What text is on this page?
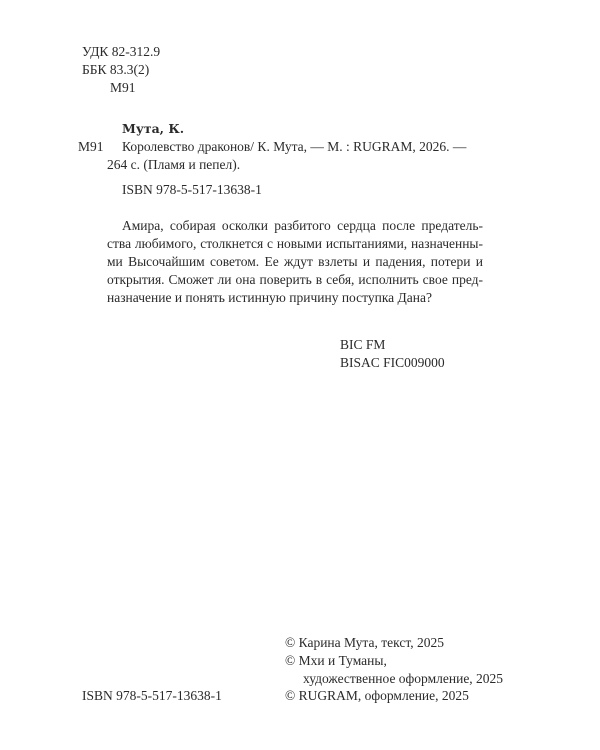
УДК 82-312.9
ББК 83.3(2)
М91
Мута, К.
М91 Королевство драконов/ К. Мута, — М. : RUGRAM, 2026. —
264 с. (Пламя и пепел).
ISBN 978-5-517-13638-1
Амира, собирая осколки разбитого сердца после предатель-
ства любимого, столкнется с новыми испытаниями, назначенны-
ми Высочайшим советом. Ее ждут взлеты и падения, потери и
открытия. Сможет ли она поверить в себя, исполнить свое пред-
назначение и понять истинную причину поступка Дана?
BIC FM
BISAC FIC009000
ISBN 978-5-517-13638-1
© Карина Мута, текст, 2025
© Мхи и Туманы,
художественное оформление, 2025
© RUGRAM, оформление, 2025
